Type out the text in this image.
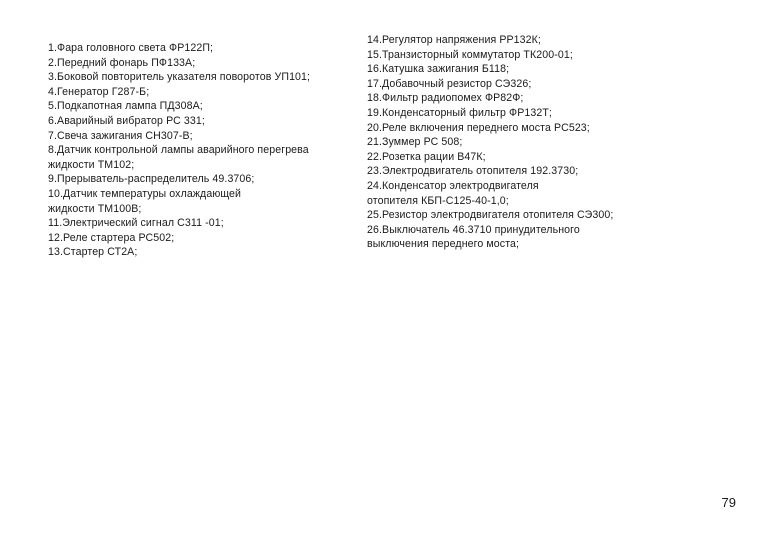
1.Фара головного света ФР122П;
2.Передний фонарь ПФ133А;
3.Боковой повторитель указателя поворотов УП101;
4.Генератор Г287-Б;
5.Подкапотная лампа ПД308А;
6.Аварийный вибратор РС 331;
7.Свеча зажигания СН307-В;
8.Датчик контрольной лампы аварийного перегрева
жидкости ТМ102;
9.Прерыватель-распределитель 49.3706;
10.Датчик температуры охлаждающей
жидкости ТМ100В;
11.Электрический сигнал С311 -01;
12.Реле стартера РС502;
13.Стартер СТ2А;
14.Регулятор напряжения РР132К;
15.Транзисторный коммутатор ТК200-01;
16.Катушка зажигания Б118;
17.Добавочный резистор СЭ326;
18.Фильтр радиопомех ФР82Ф;
19.Конденсаторный фильтр ФР132Т;
20.Реле включения переднего моста РС523;
21.Зуммер РС 508;
22.Розетка рации В47К;
23.Электродвигатель отопителя 192.3730;
24.Конденсатор электродвигателя
отопителя КБП-С125-40-1,0;
25.Резистор электродвигателя отопителя СЭ300;
26.Выключатель 46.3710 принудительного
выключения переднего моста;
79
